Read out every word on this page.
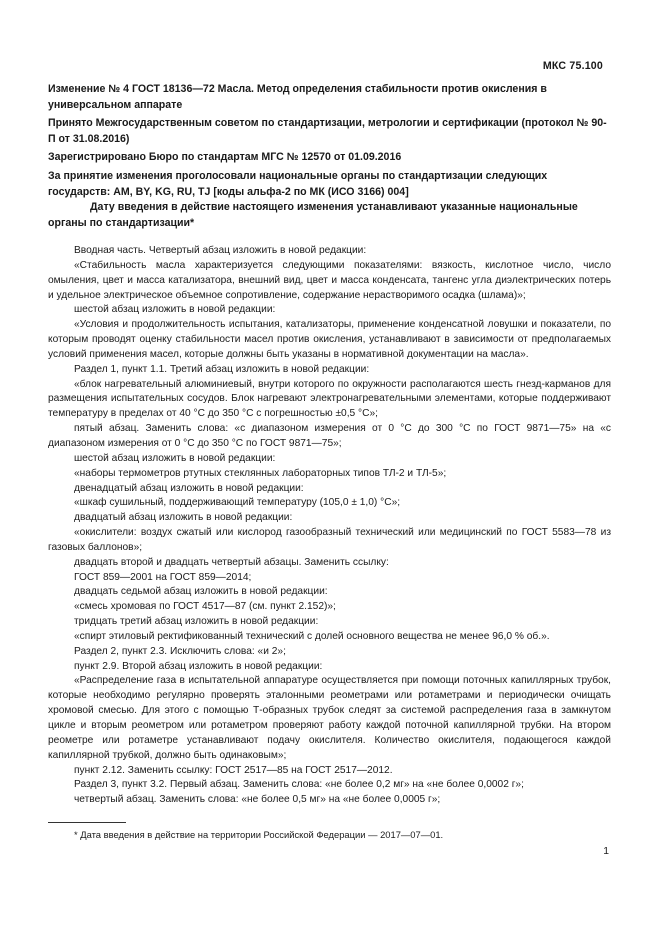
МКС 75.100
Изменение № 4 ГОСТ 18136—72 Масла. Метод определения стабильности против окисления в универсальном аппарате
Принято Межгосударственным советом по стандартизации, метрологии и сертификации (протокол № 90-П от 31.08.2016)
Зарегистрировано Бюро по стандартам МГС № 12570 от 01.09.2016
За принятие изменения проголосовали национальные органы по стандартизации следующих государств: AM, BY, KG, RU, TJ [коды альфа-2 по МК (ИСО 3166) 004]
Дату введения в действие настоящего изменения устанавливают указанные национальные органы по стандартизации*

Вводная часть. Четвертый абзац изложить в новой редакции:

«Стабильность масла характеризуется следующими показателями: вязкость, кислотное число, число омыления, цвет и масса катализатора, внешний вид, цвет и масса конденсата, тангенс угла диэлектрических потерь и удельное электрическое объемное сопротивление, содержание нерастворимого осадка (шлама)»;

шестой абзац изложить в новой редакции:

«Условия и продолжительность испытания, катализаторы, применение конденсатной ловушки и показатели, по которым проводят оценку стабильности масел против окисления, устанавливают в зависимости от предполагаемых условий применения масел, которые должны быть указаны в нормативной документации на масла».

Раздел 1, пункт 1.1. Третий абзац изложить в новой редакции:

«блок нагревательный алюминиевый, внутри которого по окружности располагаются шесть гнезд-карманов для размещения испытательных сосудов. Блок нагревают электронагревательными элементами, которые поддерживают температуру в пределах от 40 °С до 350 °С с погрешностью ±0,5 °С»;

пятый абзац. Заменить слова: «с диапазоном измерения от 0 °С до 300 °С по ГОСТ 9871—75» на «с диапазоном измерения от 0 °С до 350 °С по ГОСТ 9871—75»;

шестой абзац изложить в новой редакции:

«наборы термометров ртутных стеклянных лабораторных типов ТЛ-2 и ТЛ-5»;

двенадцатый абзац изложить в новой редакции:

«шкаф сушильный, поддерживающий температуру (105,0 ± 1,0) °С»;

двадцатый абзац изложить в новой редакции:

«окислители: воздух сжатый или кислород газообразный технический или медицинский по ГОСТ 5583—78 из газовых баллонов»;

двадцать второй и двадцать четвертый абзацы. Заменить ссылку:

ГОСТ 859—2001 на ГОСТ 859—2014;

двадцать седьмой абзац изложить в новой редакции:

«смесь хромовая по ГОСТ 4517—87 (см. пункт 2.152)»;

тридцать третий абзац изложить в новой редакции:

«спирт этиловый ректификованный технический с долей основного вещества не менее 96,0 % об.».

Раздел 2, пункт 2.3. Исключить слова: «и 2»;

пункт 2.9. Второй абзац изложить в новой редакции:

«Распределение газа в испытательной аппаратуре осуществляется при помощи поточных капиллярных трубок, которые необходимо регулярно проверять эталонными реометрами или ротаметрами и периодически очищать хромовой смесью. Для этого с помощью Т-образных трубок следят за системой распределения газа в замкнутом цикле и вторым реометром или ротаметром проверяют работу каждой поточной капиллярной трубки. На втором реометре или ротаметре устанавливают подачу окислителя. Количество окислителя, подающегося каждой капиллярной трубкой, должно быть одинаковым»;

пункт 2.12. Заменить ссылку: ГОСТ 2517—85 на ГОСТ 2517—2012.

Раздел 3, пункт 3.2. Первый абзац. Заменить слова: «не более 0,2 мг» на «не более 0,0002 г»;

четвертый абзац. Заменить слова: «не более 0,5 мг» на «не более 0,0005 г»;

* Дата введения в действие на территории Российской Федерации — 2017—07—01.
1
